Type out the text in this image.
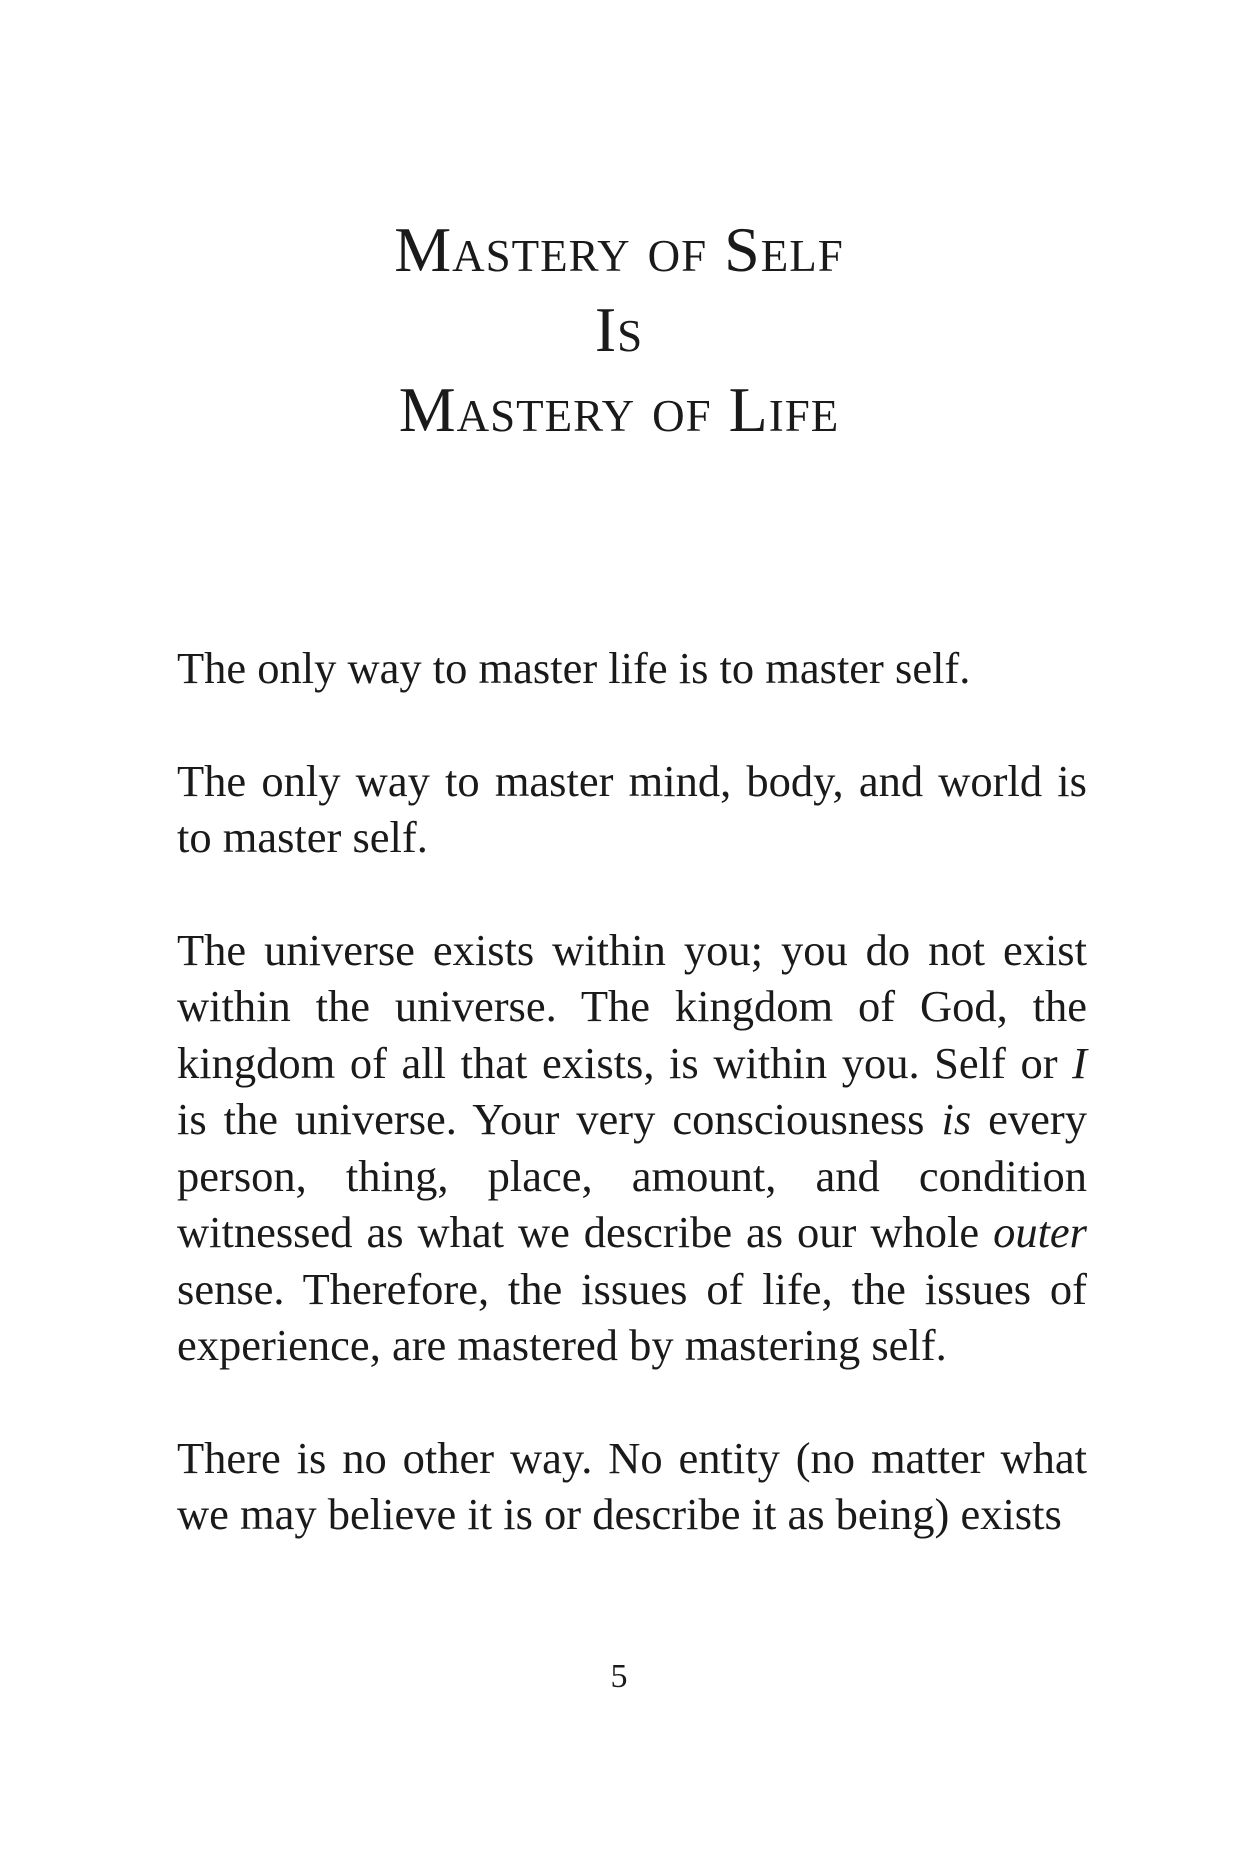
Mastery of Self
Is
Mastery of Life

The only way to master life is to master self.

The only way to master mind, body, and world is to master self.

The universe exists within you; you do not exist within the universe. The kingdom of God, the kingdom of all that exists, is within you. Self or I is the universe. Your very consciousness is every person, thing, place, amount, and condition witnessed as what we describe as our whole outer sense. Therefore, the issues of life, the issues of experience, are mastered by mastering self.

There is no other way. No entity (no matter what we may believe it is or describe it as being) exists

5
